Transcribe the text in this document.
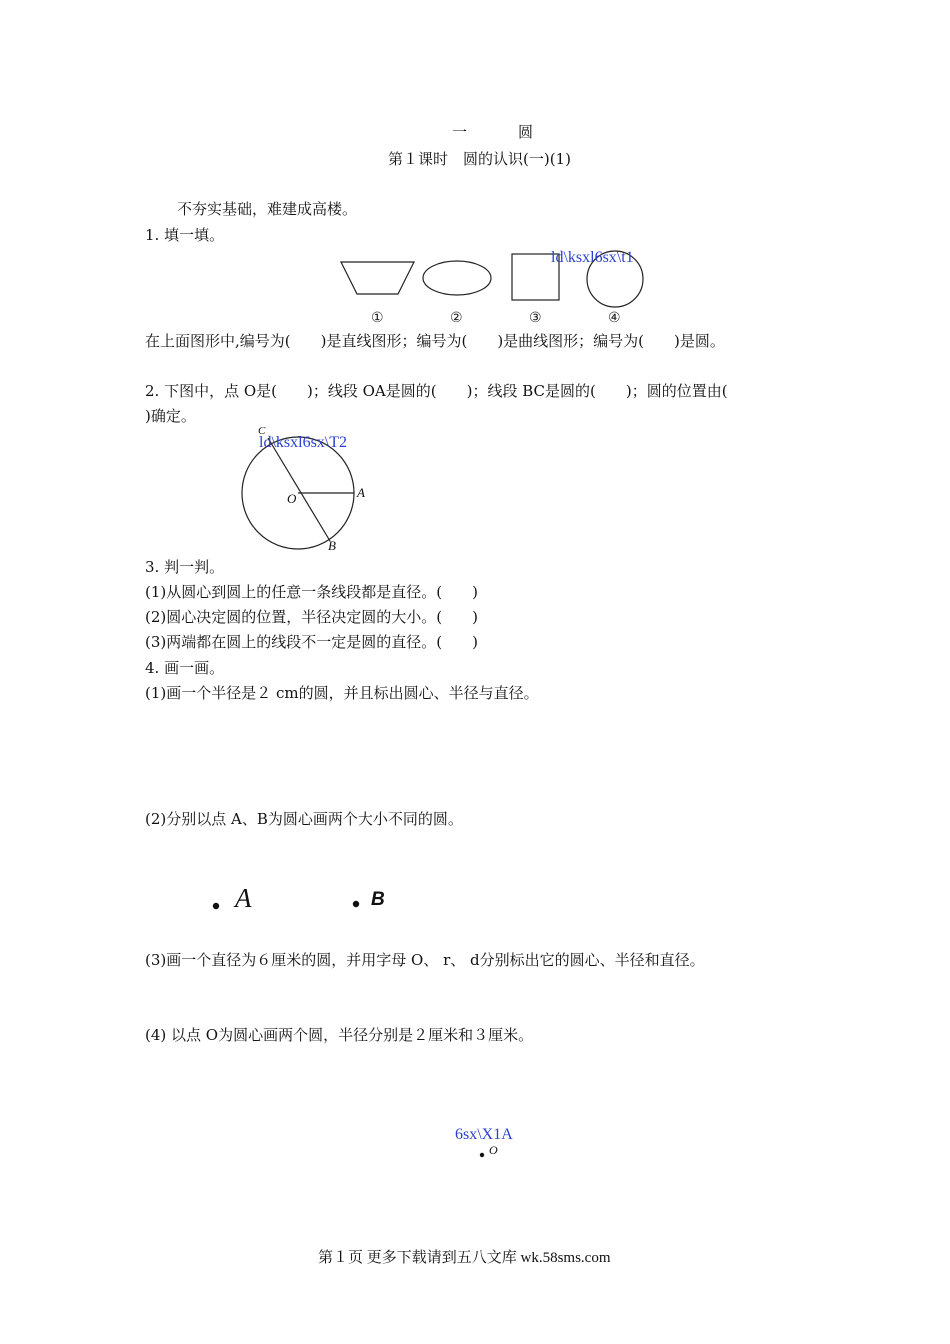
一	圆
第１课时　圆的认识(一)(1)
不夯实基础，难建成高楼。
1. 填一填。
ld\ksxl6sx\t1
①	②	③	④
在上面图形中,编号为(　　)是直线图形；编号为(　　)是曲线图形；编号为(　　)是圆。
2. 下图中，点 O是(　　)；线段 OA是圆的(　　)；线段 BC是圆的(　　)；圆的位置由(
)确定。
ld\ksxl6sx\T2
C
O	A
B
3. 判一判。
(1)从圆心到圆上的任意一条线段都是直径。(　　)
(2)圆心决定圆的位置，半径决定圆的大小。(　　)
(3)两端都在圆上的线段不一定是圆的直径。(　　)
4. 画一画。
(1)画一个半径是２ cm的圆，并且标出圆心、半径与直径。
(2)分别以点 A、B为圆心画两个大小不同的圆。
A	B
(3)画一个直径为６厘米的圆，并用字母 O、 r、 d分别标出它的圆心、半径和直径。
(4) 以点 O为圆心画两个圆，半径分别是２厘米和３厘米。
6sx\X1A
O
第１页 更多下载请到五八文库 wk.58sms.com
